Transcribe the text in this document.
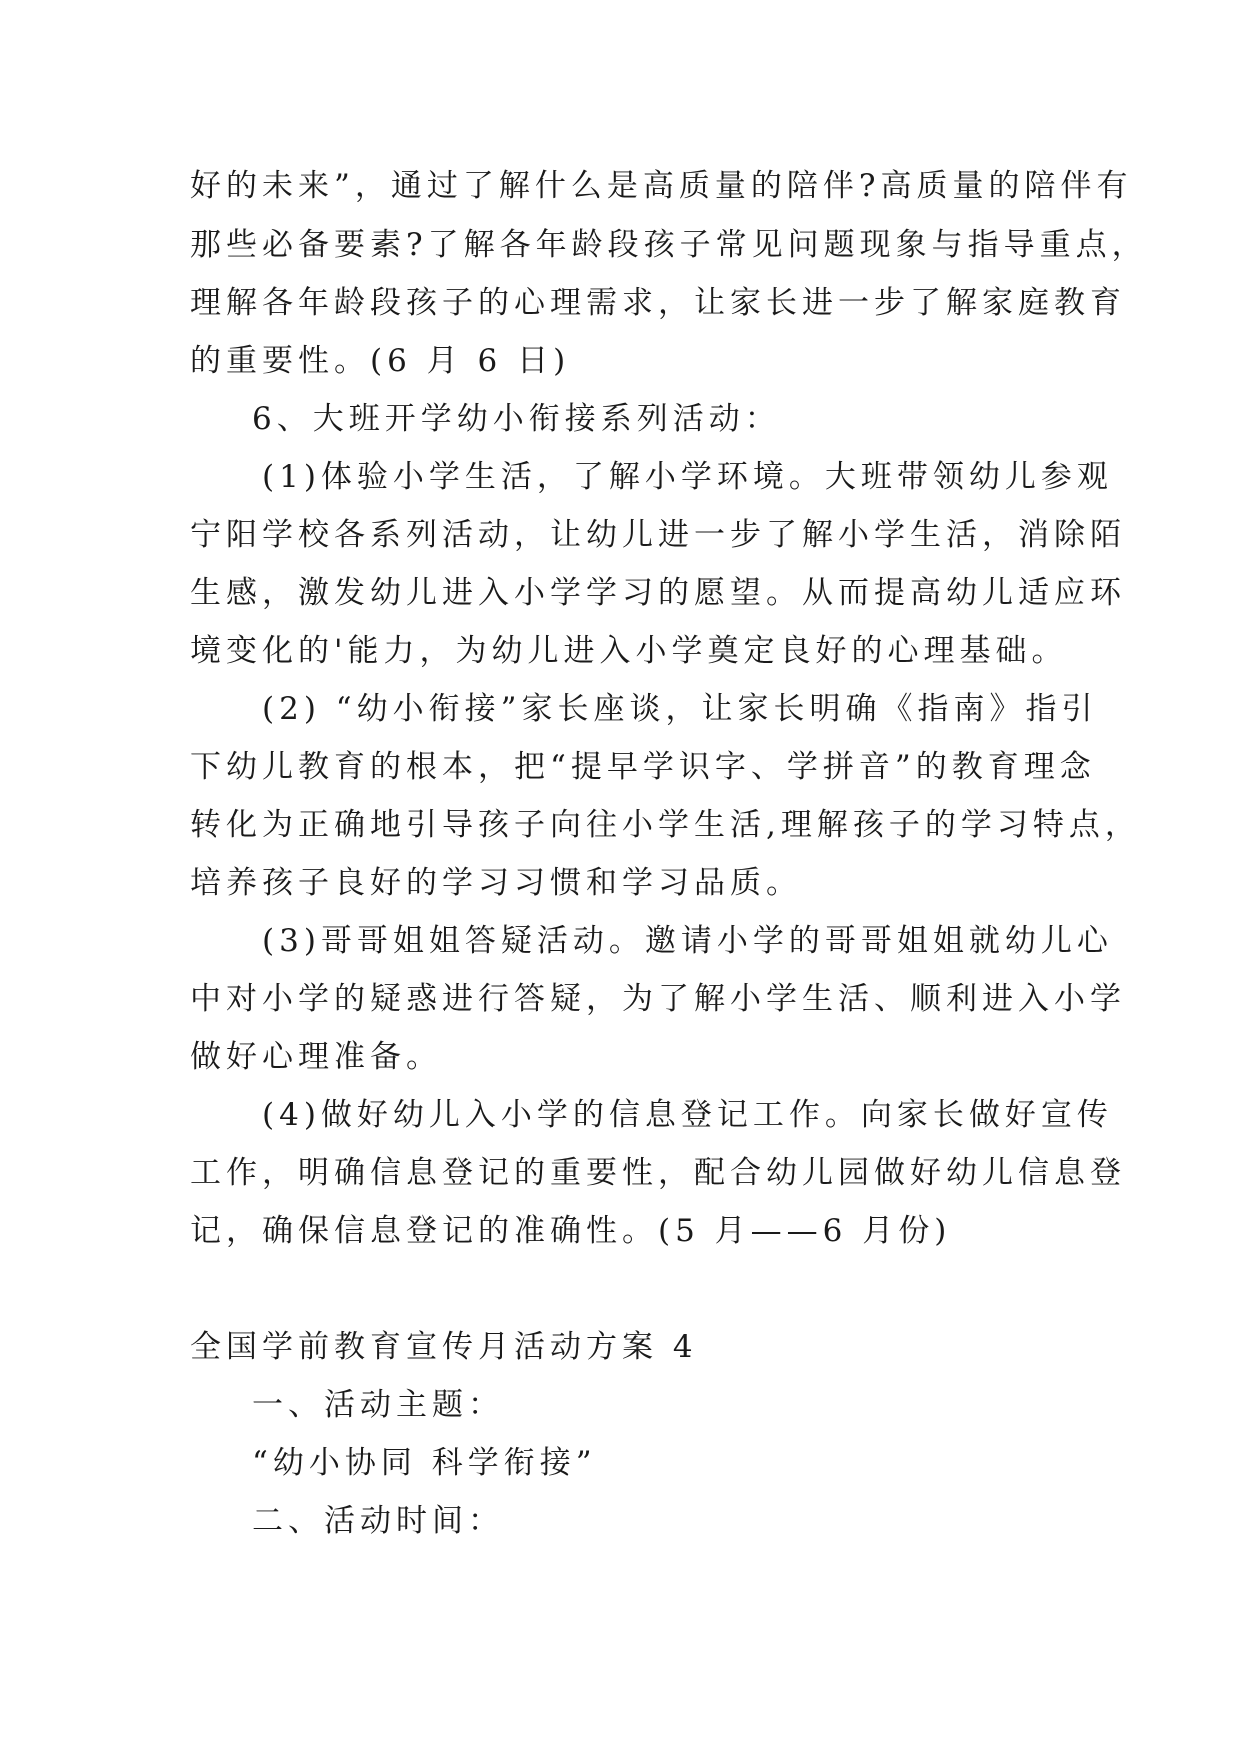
好的未来”，通过了解什么是高质量的陪伴?高质量的陪伴有
那些必备要素?了解各年龄段孩子常见问题现象与指导重点，
理解各年龄段孩子的心理需求，让家长进一步了解家庭教育
的重要性。(6 月 6 日)
6、大班开学幼小衔接系列活动：
(1)体验小学生活，了解小学环境。大班带领幼儿参观
宁阳学校各系列活动，让幼儿进一步了解小学生活，消除陌
生感，激发幼儿进入小学学习的愿望。从而提高幼儿适应环
境变化的'能力，为幼儿进入小学奠定良好的心理基础。
(2) “幼小衔接”家长座谈，让家长明确《指南》指引
下幼儿教育的根本，把“提早学识字、学拼音”的教育理念
转化为正确地引导孩子向往小学生活,理解孩子的学习特点，
培养孩子良好的学习习惯和学习品质。
(3)哥哥姐姐答疑活动。邀请小学的哥哥姐姐就幼儿心
中对小学的疑惑进行答疑，为了解小学生活、顺利进入小学
做好心理准备。
(4)做好幼儿入小学的信息登记工作。向家长做好宣传
工作，明确信息登记的重要性，配合幼儿园做好幼儿信息登
记，确保信息登记的准确性。(5 月——6 月份)
全国学前教育宣传月活动方案 4
一、活动主题：
“幼小协同 科学衔接”
二、活动时间：
